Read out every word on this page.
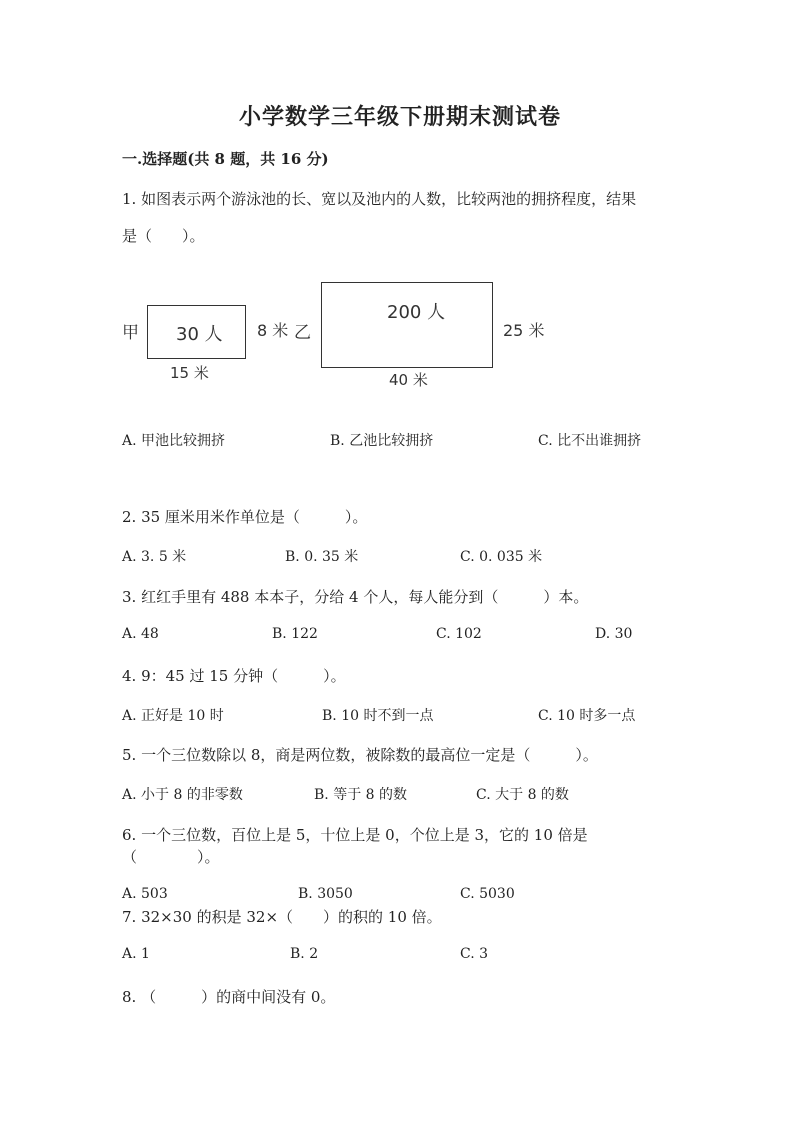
小学数学三年级下册期末测试卷
一.选择题(共 8 题，共 16 分)
1. 如图表示两个游泳池的长、宽以及池内的人数，比较两池的拥挤程度，结果
是（　　）。
甲 30 人
15 米
8 米 乙
200 人
40 米
25 米
A. 甲池比较拥挤	B. 乙池比较拥挤	C. 比不出谁拥挤
2. 35 厘米用米作单位是（　　　）。
A. 3. 5 米	B. 0. 35 米	C. 0. 035 米
3. 红红手里有 488 本本子，分给 4 个人，每人能分到（　　　）本。
A. 48	B. 122	C. 102	D. 30
4. 9：45 过 15 分钟（　　　）。
A. 正好是 10 时	B. 10 时不到一点	C. 10 时多一点
5. 一个三位数除以 8，商是两位数，被除数的最高位一定是（　　　）。
A. 小于 8 的非零数	B. 等于 8 的数	C. 大于 8 的数
6. 一个三位数，百位上是 5，十位上是 0，个位上是 3，它的 10 倍是
（　　　　）。
A. 503	B. 3050	C. 5030
7. 32×30 的积是 32×（　　）的积的 10 倍。
A. 1	B. 2	C. 3
8. （　　　）的商中间没有 0。
